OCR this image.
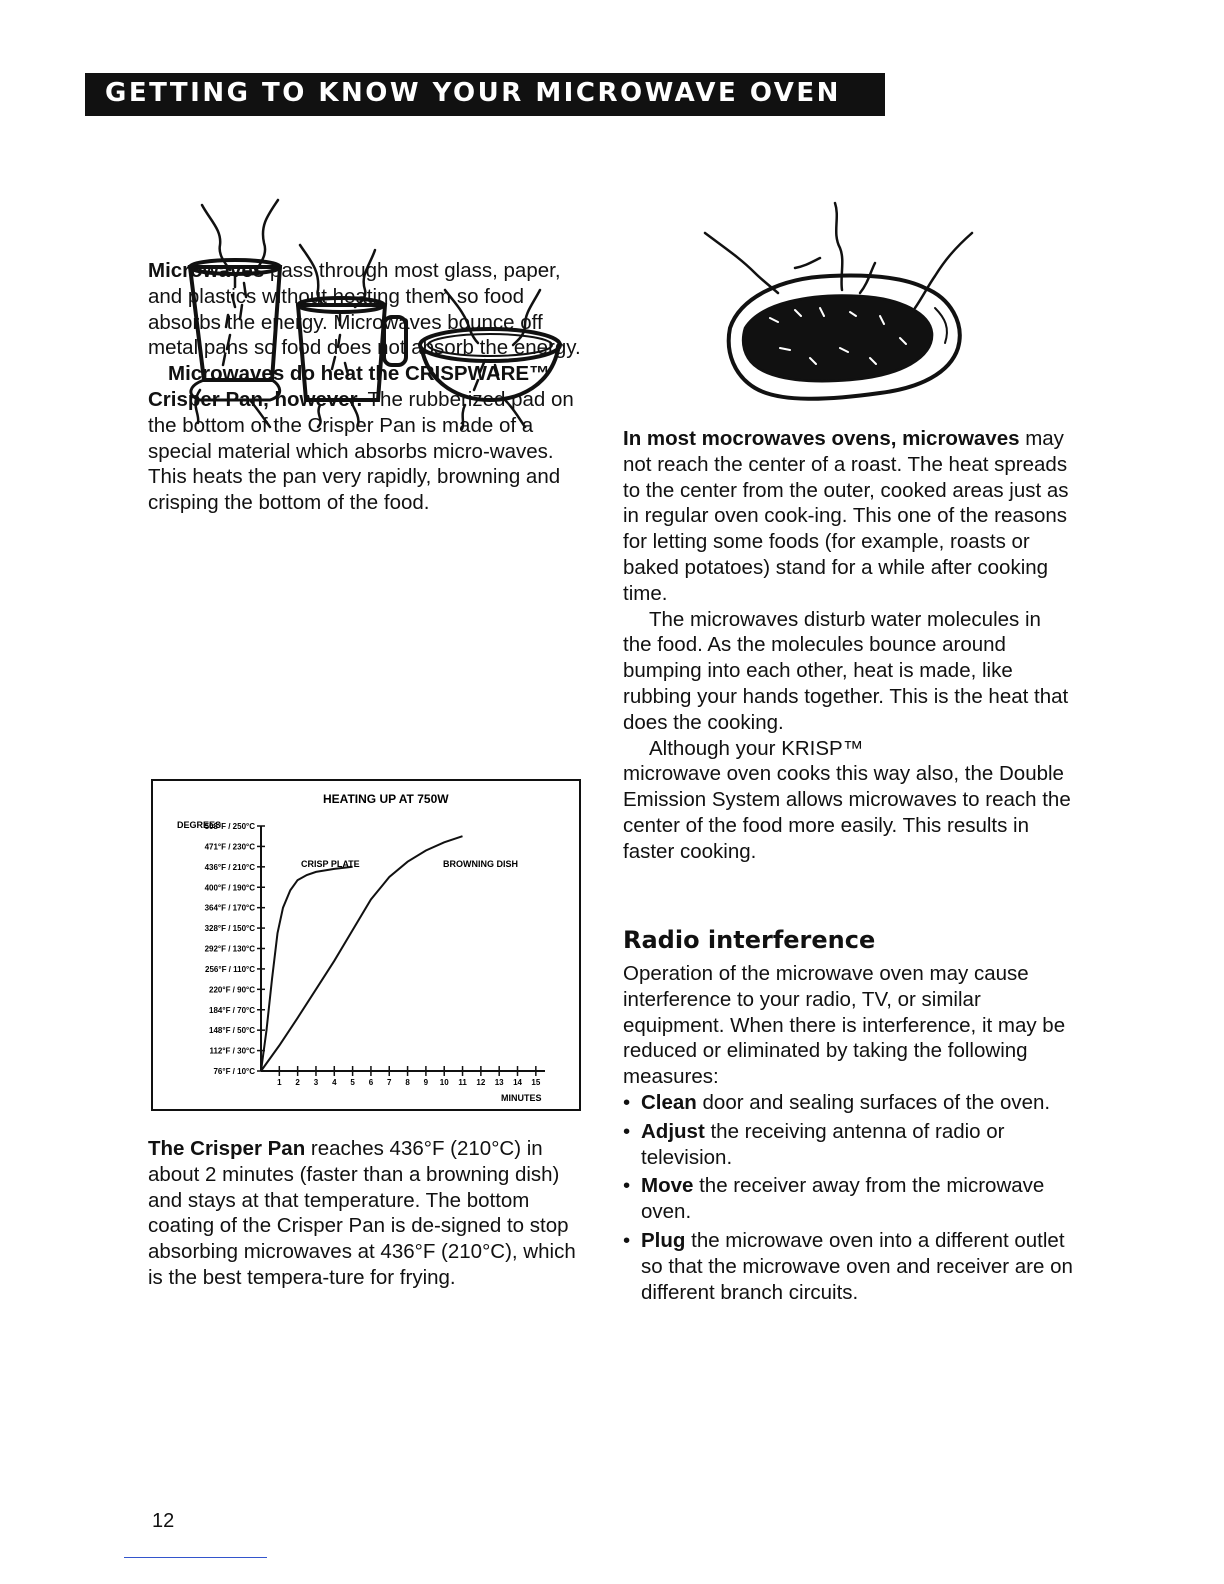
GETTING TO KNOW YOUR MICROWAVE OVEN

Microwaves pass through most glass, paper, and plastics without heating them so food absorbs the energy. Microwaves bounce off metal pans so food does not absorb the energy.

Microwaves do heat the CRISPWARE™ Crisper Pan, however. The rubberized pad on the bottom of the Crisper Pan is made of a special material which absorbs micro-waves. This heats the pan very rapidly, browning and crisping the bottom of the food.

HEATING UP AT 750W
DEGREES
MINUTES
508°F / 250°C
471°F / 230°C
436°F / 210°C
400°F / 190°C
364°F / 170°C
328°F / 150°C
292°F / 130°C
256°F / 110°C
220°F / 90°C
184°F / 70°C
148°F / 50°C
112°F / 30°C
76°F / 10°C
1 2 3 4 5 6 7 8 9 10 11 12 13 14 15
CRISP PLATE	BROWNING DISH

The Crisper Pan reaches 436°F (210°C) in about 2 minutes (faster than a browning dish) and stays at that temperature. The bottom coating of the Crisper Pan is de-signed to stop absorbing microwaves at 436°F (210°C), which is the best tempera-ture for frying.

In most mocrowaves ovens, microwaves may not reach the center of a roast. The heat spreads to the center from the outer, cooked areas just as in regular oven cook-ing. This one of the reasons for letting some foods (for example, roasts or baked potatoes) stand for a while after cooking time.

The microwaves disturb water molecules in the food. As the molecules bounce around bumping into each other, heat is made, like rubbing your hands together. This is the heat that does the cooking.

Although your KRISP™

microwave oven cooks this way also, the Double Emission System allows microwaves to reach the center of the food more easily. This results in faster cooking.

Radio interference

Operation of the microwave oven may cause interference to your radio, TV, or similar equipment. When there is interference, it may be reduced or eliminated by taking the following measures:

• Clean door and sealing surfaces of the oven.
• Adjust the receiving antenna of radio or television.
• Move the receiver away from the microwave oven.
• Plug the microwave oven into a different outlet so that the microwave oven and receiver are on different branch circuits.
12
